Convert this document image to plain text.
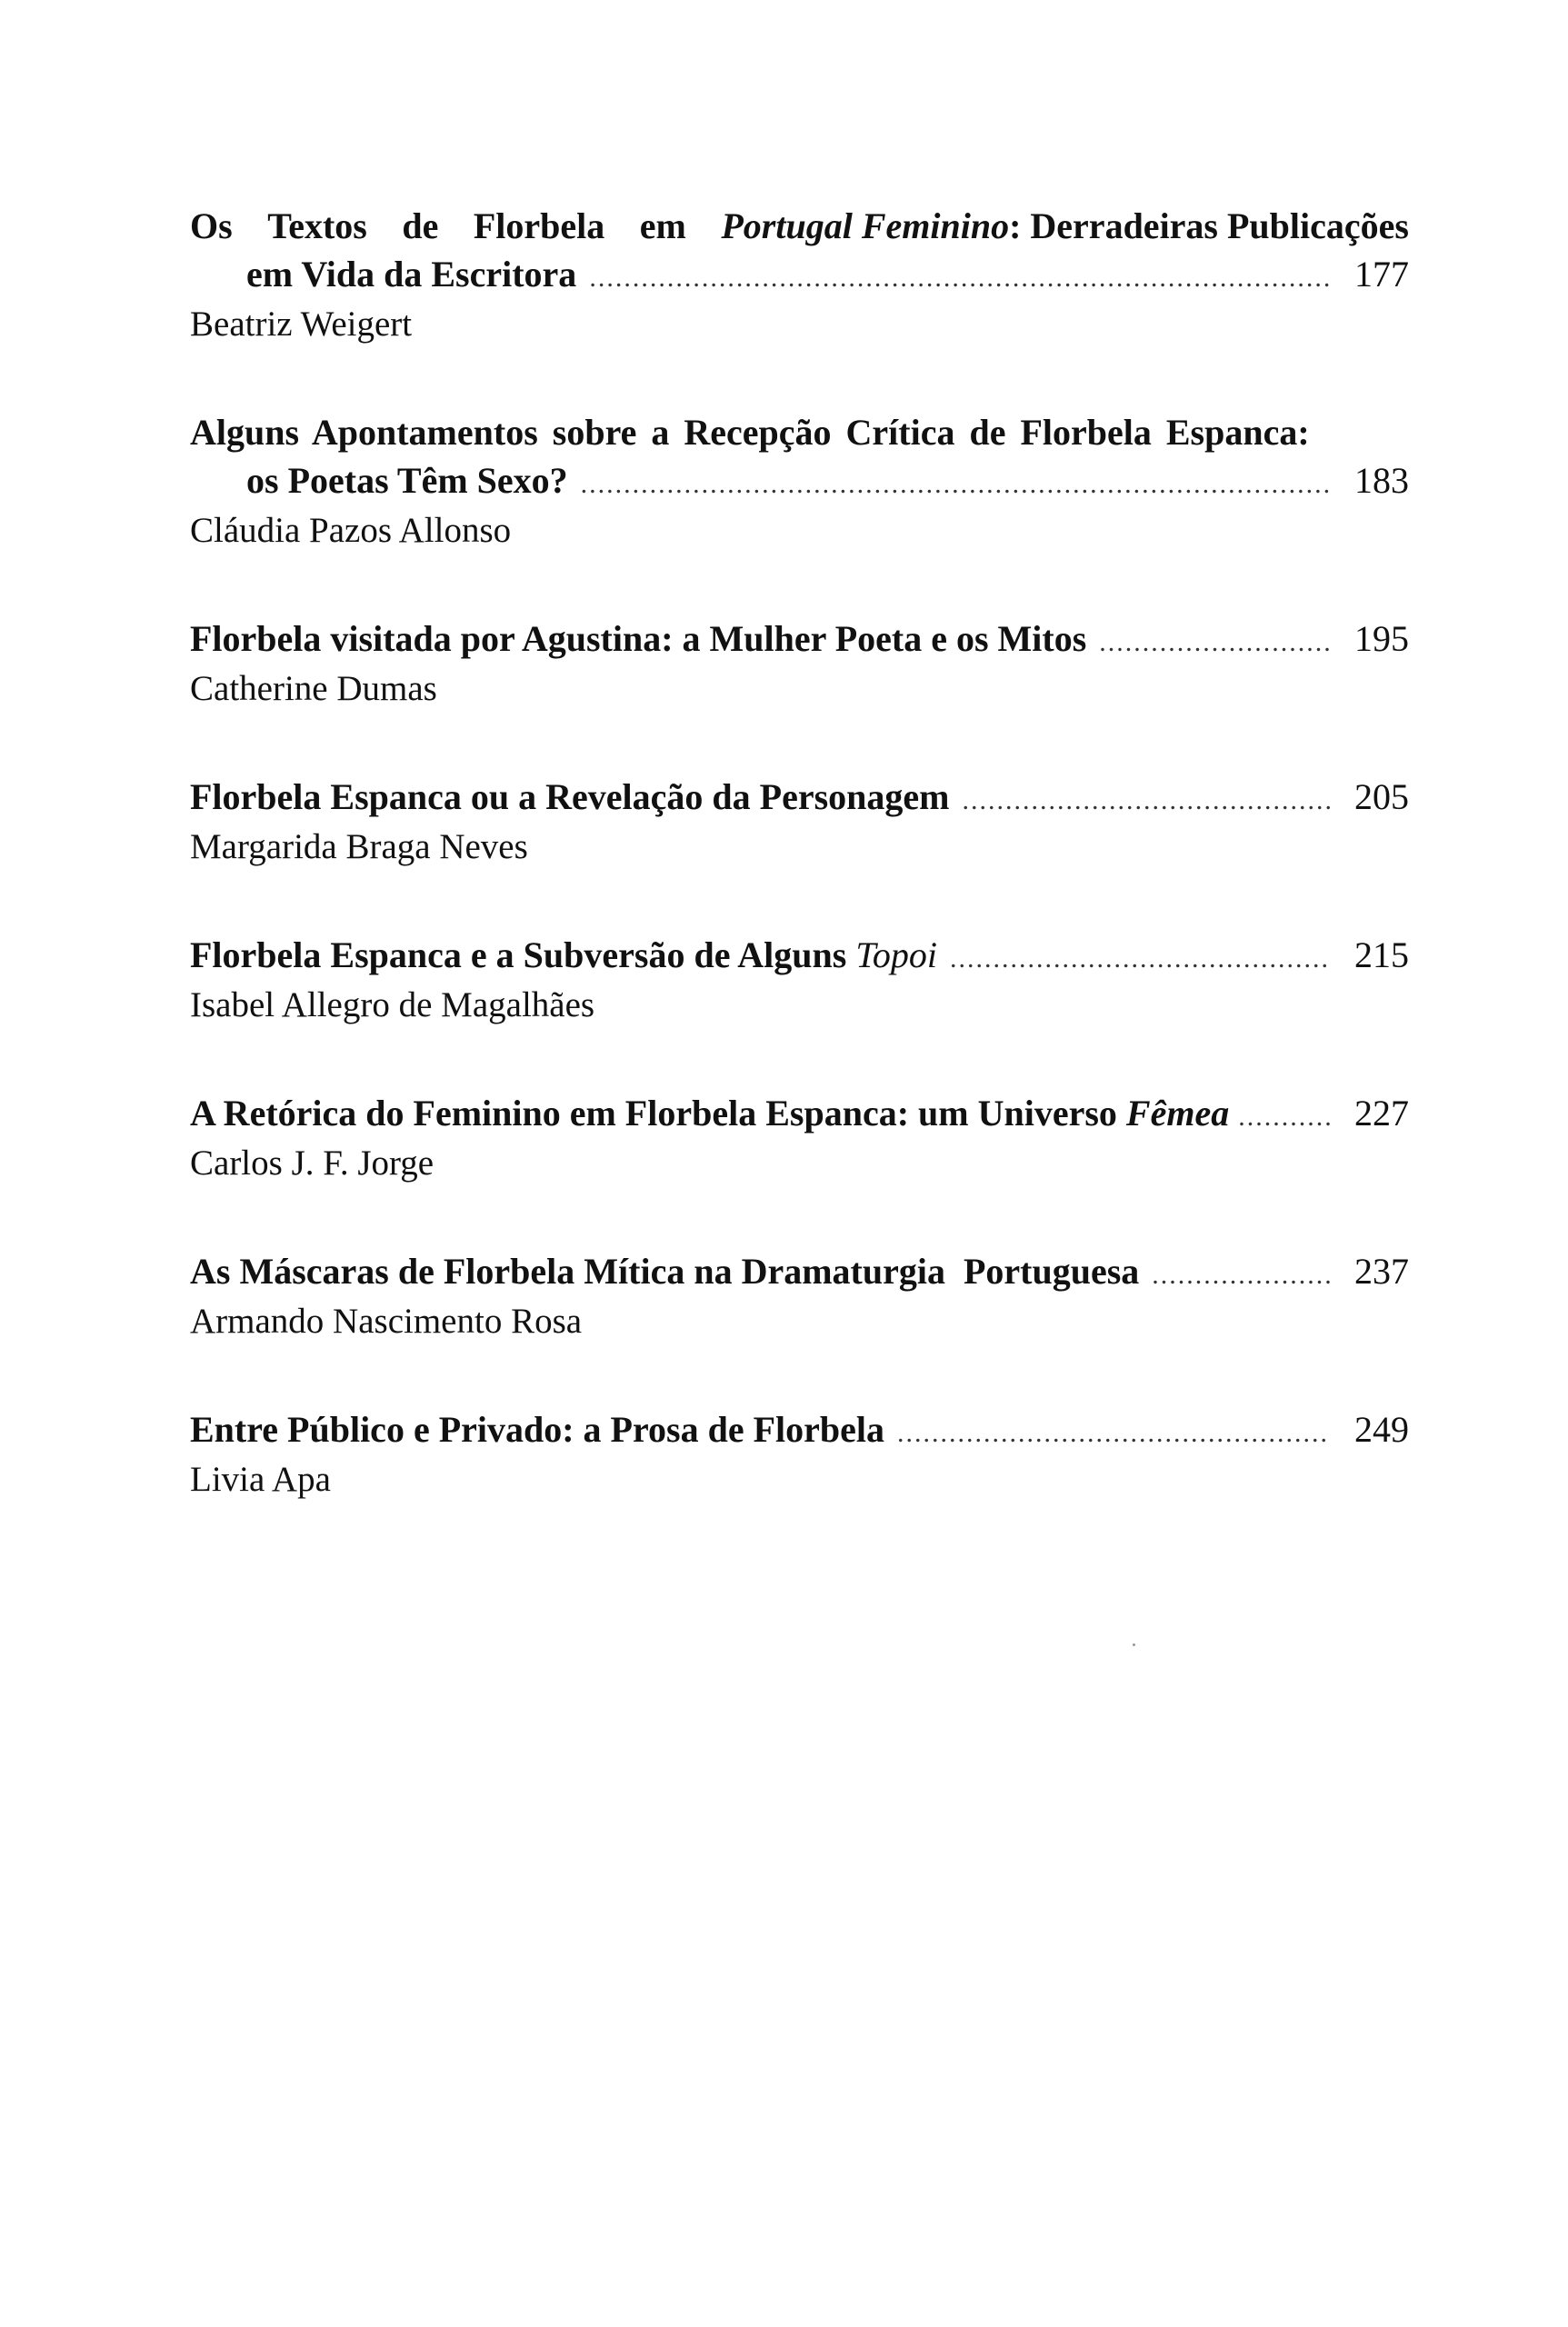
Os Textos de Florbela em Portugal Feminino: Derradeiras Publicações
em Vida da Escritora .....	177
Beatriz Weigert
Alguns Apontamentos sobre a Recepção Crítica de Florbela Espanca:
os Poetas Têm Sexo? .....	183
Cláudia Pazos Allonso
Florbela visitada por Agustina: a Mulher Poeta e os Mitos .....	195
Catherine Dumas
Florbela Espanca ou a Revelação da Personagem .....	205
Margarida Braga Neves
Florbela Espanca e a Subversão de Alguns Topoi .....	215
Isabel Allegro de Magalhães
A Retórica do Feminino em Florbela Espanca: um Universo Fêmea .....	227
Carlos J. F. Jorge
As Máscaras de Florbela Mítica na Dramaturgia  Portuguesa .....	237
Armando Nascimento Rosa
Entre Público e Privado: a Prosa de Florbela .....	249
Livia Apa
